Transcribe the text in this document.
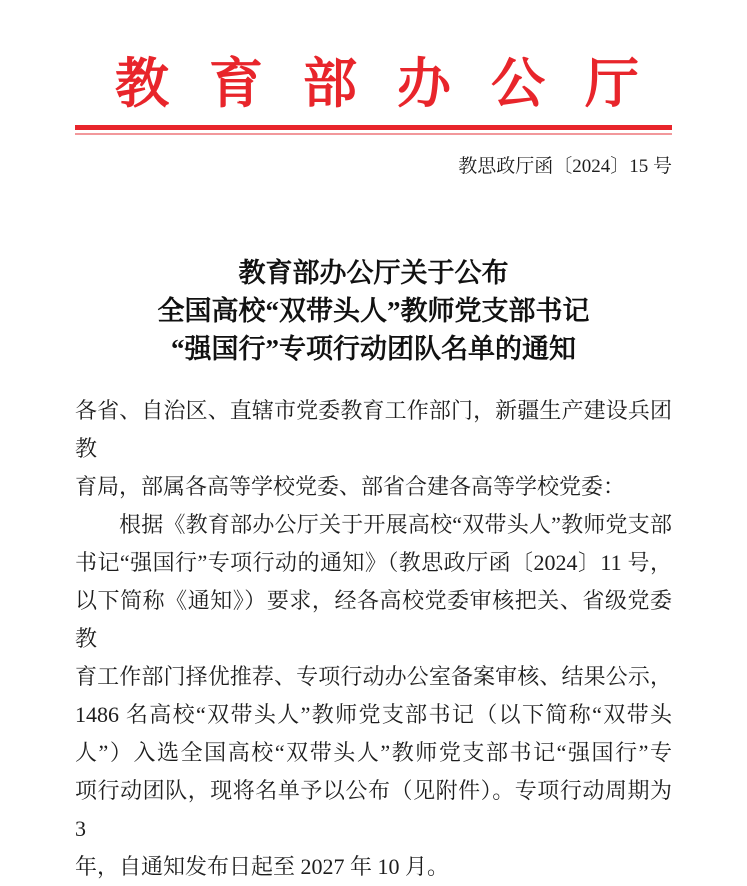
教育部办公厅
教思政厅函〔2024〕15 号
教育部办公厅关于公布
全国高校“双带头人”教师党支部书记
“强国行”专项行动团队名单的通知
各省、自治区、直辖市党委教育工作部门，新疆生产建设兵团教
育局，部属各高等学校党委、部省合建各高等学校党委：
根据《教育部办公厅关于开展高校“双带头人”教师党支部
书记“强国行”专项行动的通知》（教思政厅函〔2024〕11 号，
以下简称《通知》）要求，经各高校党委审核把关、省级党委教
育工作部门择优推荐、专项行动办公室备案审核、结果公示，
1486 名高校“双带头人”教师党支部书记（以下简称“双带头
人”）入选全国高校“双带头人”教师党支部书记“强国行”专
项行动团队，现将名单予以公布（见附件）。专项行动周期为 3
年，自通知发布日起至 2027 年 10 月。
